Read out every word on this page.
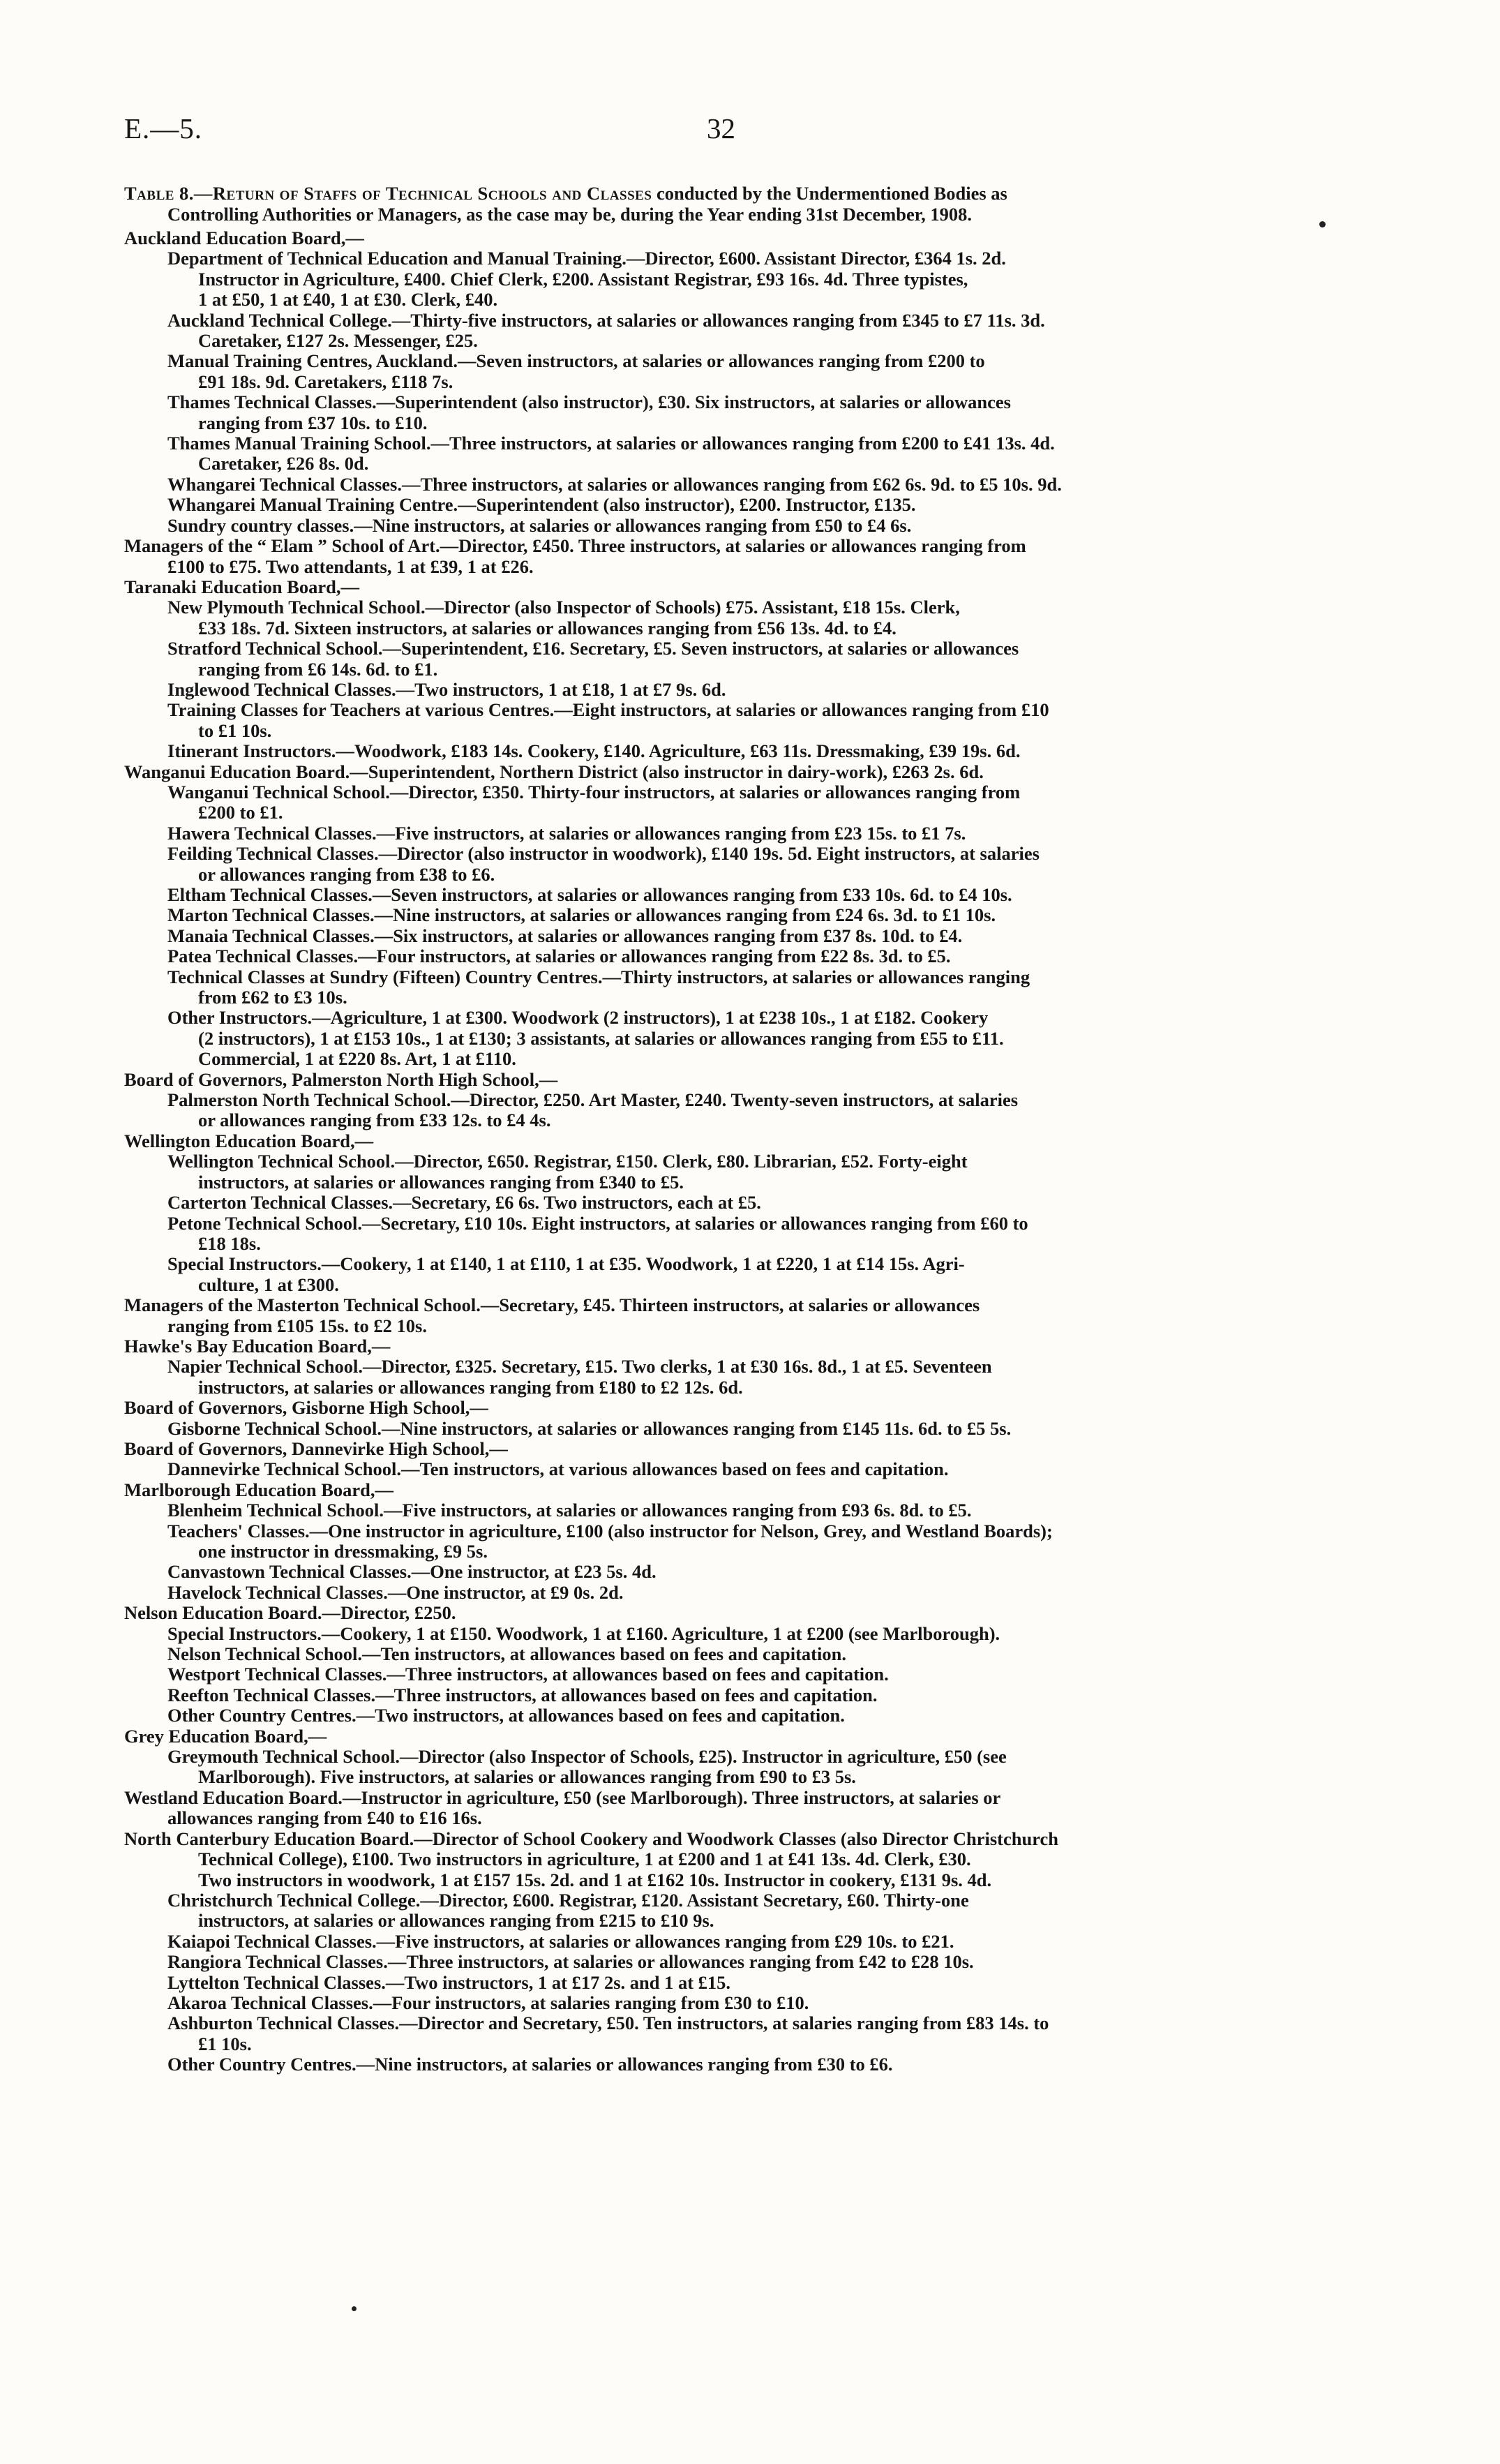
E.—5.	32
Table 8.—Return of Staffs of Technical Schools and Classes conducted by the Undermentioned Bodies as
Controlling Authorities or Managers, as the case may be, during the Year ending 31st December, 1908.
Auckland Education Board,—
Department of Technical Education and Manual Training.—Director, £600. Assistant Director, £364 1s. 2d.
Instructor in Agriculture, £400. Chief Clerk, £200. Assistant Registrar, £93 16s. 4d. Three typistes,
1 at £50, 1 at £40, 1 at £30. Clerk, £40.
Auckland Technical College.—Thirty-five instructors, at salaries or allowances ranging from £345 to £7 11s. 3d.
Caretaker, £127 2s. Messenger, £25.
Manual Training Centres, Auckland.—Seven instructors, at salaries or allowances ranging from £200 to
£91 18s. 9d. Caretakers, £118 7s.
Thames Technical Classes.—Superintendent (also instructor), £30. Six instructors, at salaries or allowances
ranging from £37 10s. to £10.
Thames Manual Training School.—Three instructors, at salaries or allowances ranging from £200 to £41 13s. 4d.
Caretaker, £26 8s. 0d.
Whangarei Technical Classes.—Three instructors, at salaries or allowances ranging from £62 6s. 9d. to £5 10s. 9d.
Whangarei Manual Training Centre.—Superintendent (also instructor), £200. Instructor, £135.
Sundry country classes.—Nine instructors, at salaries or allowances ranging from £50 to £4 6s.
Managers of the “ Elam ” School of Art.—Director, £450. Three instructors, at salaries or allowances ranging from
£100 to £75. Two attendants, 1 at £39, 1 at £26.
Taranaki Education Board,—
New Plymouth Technical School.—Director (also Inspector of Schools) £75. Assistant, £18 15s. Clerk,
£33 18s. 7d. Sixteen instructors, at salaries or allowances ranging from £56 13s. 4d. to £4.
Stratford Technical School.—Superintendent, £16. Secretary, £5. Seven instructors, at salaries or allowances
ranging from £6 14s. 6d. to £1.
Inglewood Technical Classes.—Two instructors, 1 at £18, 1 at £7 9s. 6d.
Training Classes for Teachers at various Centres.—Eight instructors, at salaries or allowances ranging from £10
to £1 10s.
Itinerant Instructors.—Woodwork, £183 14s. Cookery, £140. Agriculture, £63 11s. Dressmaking, £39 19s. 6d.
Wanganui Education Board.—Superintendent, Northern District (also instructor in dairy-work), £263 2s. 6d.
Wanganui Technical School.—Director, £350. Thirty-four instructors, at salaries or allowances ranging from
£200 to £1.
Hawera Technical Classes.—Five instructors, at salaries or allowances ranging from £23 15s. to £1 7s.
Feilding Technical Classes.—Director (also instructor in woodwork), £140 19s. 5d. Eight instructors, at salaries
or allowances ranging from £38 to £6.
Eltham Technical Classes.—Seven instructors, at salaries or allowances ranging from £33 10s. 6d. to £4 10s.
Marton Technical Classes.—Nine instructors, at salaries or allowances ranging from £24 6s. 3d. to £1 10s.
Manaia Technical Classes.—Six instructors, at salaries or allowances ranging from £37 8s. 10d. to £4.
Patea Technical Classes.—Four instructors, at salaries or allowances ranging from £22 8s. 3d. to £5.
Technical Classes at Sundry (Fifteen) Country Centres.—Thirty instructors, at salaries or allowances ranging
from £62 to £3 10s.
Other Instructors.—Agriculture, 1 at £300. Woodwork (2 instructors), 1 at £238 10s., 1 at £182. Cookery
(2 instructors), 1 at £153 10s., 1 at £130; 3 assistants, at salaries or allowances ranging from £55 to £11.
Commercial, 1 at £220 8s. Art, 1 at £110.
Board of Governors, Palmerston North High School,—
Palmerston North Technical School.—Director, £250. Art Master, £240. Twenty-seven instructors, at salaries
or allowances ranging from £33 12s. to £4 4s.
Wellington Education Board,—
Wellington Technical School.—Director, £650. Registrar, £150. Clerk, £80. Librarian, £52. Forty-eight
instructors, at salaries or allowances ranging from £340 to £5.
Carterton Technical Classes.—Secretary, £6 6s. Two instructors, each at £5.
Petone Technical School.—Secretary, £10 10s. Eight instructors, at salaries or allowances ranging from £60 to
£18 18s.
Special Instructors.—Cookery, 1 at £140, 1 at £110, 1 at £35. Woodwork, 1 at £220, 1 at £14 15s. Agri-
culture, 1 at £300.
Managers of the Masterton Technical School.—Secretary, £45. Thirteen instructors, at salaries or allowances
ranging from £105 15s. to £2 10s.
Hawke's Bay Education Board,—
Napier Technical School.—Director, £325. Secretary, £15. Two clerks, 1 at £30 16s. 8d., 1 at £5. Seventeen
instructors, at salaries or allowances ranging from £180 to £2 12s. 6d.
Board of Governors, Gisborne High School,—
Gisborne Technical School.—Nine instructors, at salaries or allowances ranging from £145 11s. 6d. to £5 5s.
Board of Governors, Dannevirke High School,—
Dannevirke Technical School.—Ten instructors, at various allowances based on fees and capitation.
Marlborough Education Board,—
Blenheim Technical School.—Five instructors, at salaries or allowances ranging from £93 6s. 8d. to £5.
Teachers' Classes.—One instructor in agriculture, £100 (also instructor for Nelson, Grey, and Westland Boards);
one instructor in dressmaking, £9 5s.
Canvastown Technical Classes.—One instructor, at £23 5s. 4d.
Havelock Technical Classes.—One instructor, at £9 0s. 2d.
Nelson Education Board.—Director, £250.
Special Instructors.—Cookery, 1 at £150. Woodwork, 1 at £160. Agriculture, 1 at £200 (see Marlborough).
Nelson Technical School.—Ten instructors, at allowances based on fees and capitation.
Westport Technical Classes.—Three instructors, at allowances based on fees and capitation.
Reefton Technical Classes.—Three instructors, at allowances based on fees and capitation.
Other Country Centres.—Two instructors, at allowances based on fees and capitation.
Grey Education Board,—
Greymouth Technical School.—Director (also Inspector of Schools, £25). Instructor in agriculture, £50 (see
Marlborough). Five instructors, at salaries or allowances ranging from £90 to £3 5s.
Westland Education Board.—Instructor in agriculture, £50 (see Marlborough). Three instructors, at salaries or
allowances ranging from £40 to £16 16s.
North Canterbury Education Board.—Director of School Cookery and Woodwork Classes (also Director Christchurch
Technical College), £100. Two instructors in agriculture, 1 at £200 and 1 at £41 13s. 4d. Clerk, £30.
Two instructors in woodwork, 1 at £157 15s. 2d. and 1 at £162 10s. Instructor in cookery, £131 9s. 4d.
Christchurch Technical College.—Director, £600. Registrar, £120. Assistant Secretary, £60. Thirty-one
instructors, at salaries or allowances ranging from £215 to £10 9s.
Kaiapoi Technical Classes.—Five instructors, at salaries or allowances ranging from £29 10s. to £21.
Rangiora Technical Classes.—Three instructors, at salaries or allowances ranging from £42 to £28 10s.
Lyttelton Technical Classes.—Two instructors, 1 at £17 2s. and 1 at £15.
Akaroa Technical Classes.—Four instructors, at salaries ranging from £30 to £10.
Ashburton Technical Classes.—Director and Secretary, £50. Ten instructors, at salaries ranging from £83 14s. to
£1 10s.
Other Country Centres.—Nine instructors, at salaries or allowances ranging from £30 to £6.
